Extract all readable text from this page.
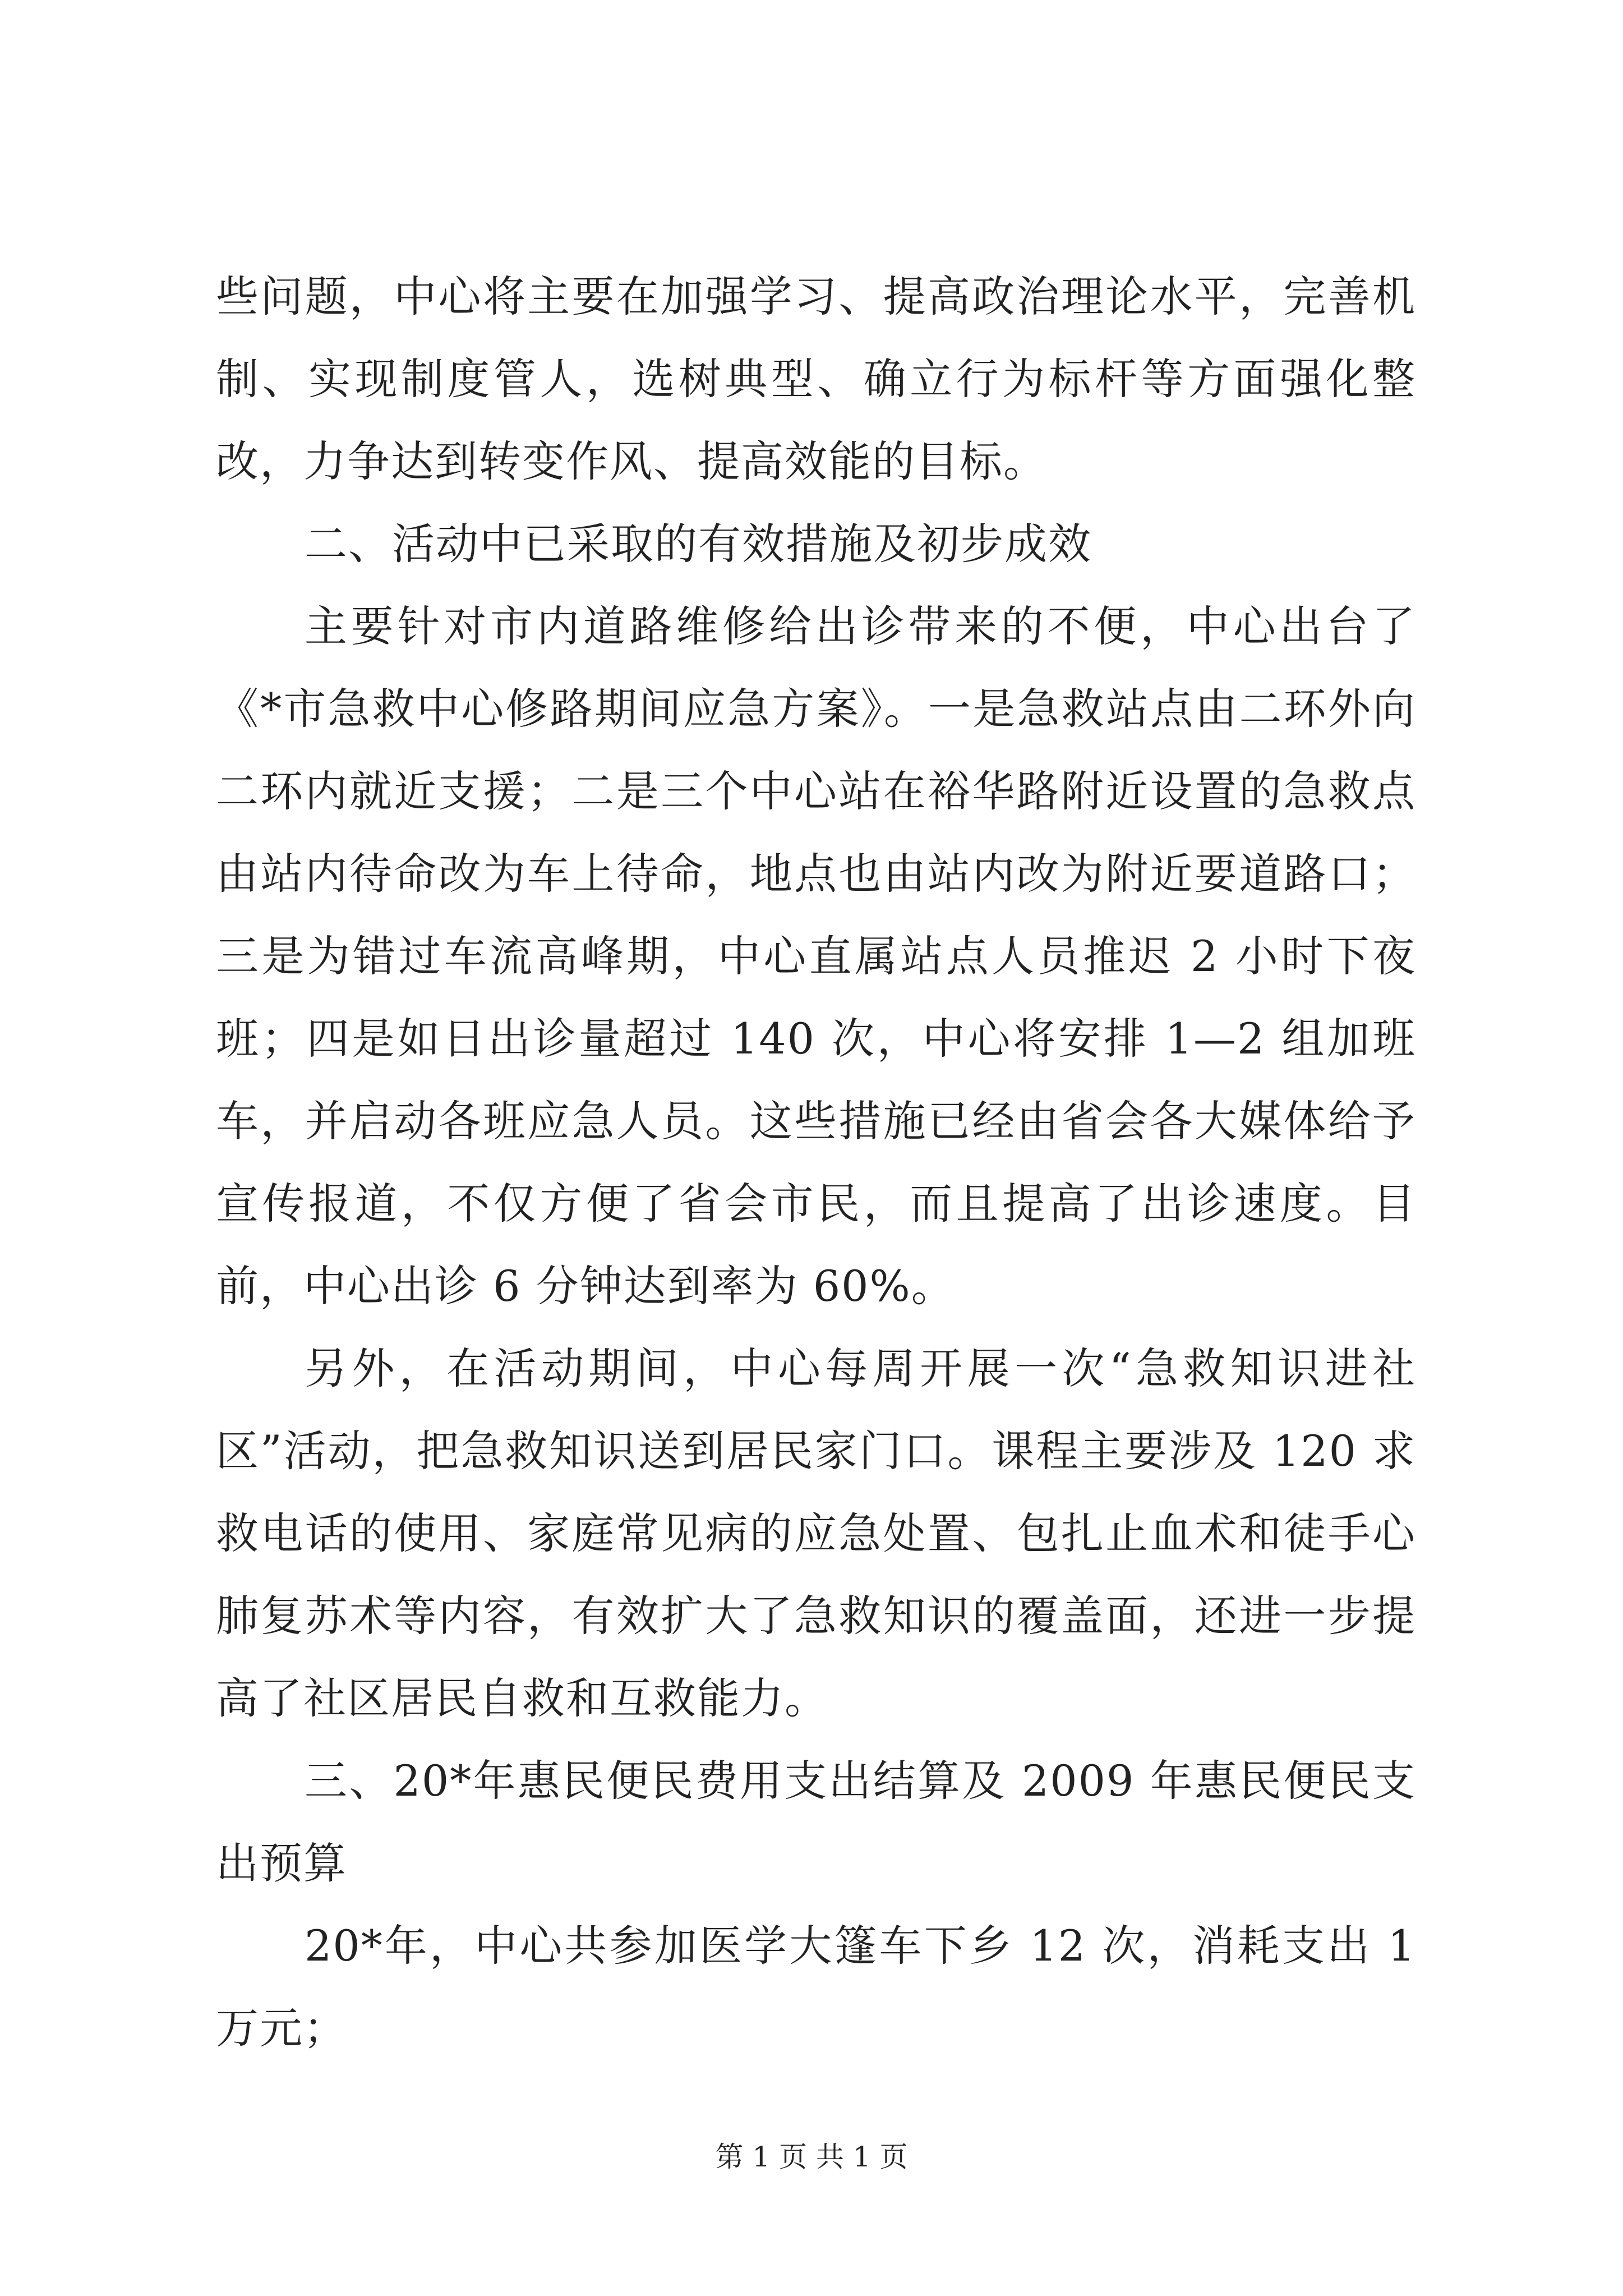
些问题，中心将主要在加强学习、提高政治理论水平，完善机制、实现制度管人，选树典型、确立行为标杆等方面强化整改，力争达到转变作风、提高效能的目标。

二、活动中已采取的有效措施及初步成效

主要针对市内道路维修给出诊带来的不便，中心出台了《*市急救中心修路期间应急方案》。一是急救站点由二环外向二环内就近支援；二是三个中心站在裕华路附近设置的急救点由站内待命改为车上待命，地点也由站内改为附近要道路口；三是为错过车流高峰期，中心直属站点人员推迟 2 小时下夜班；四是如日出诊量超过 140 次，中心将安排 1—2 组加班车，并启动各班应急人员。这些措施已经由省会各大媒体给予宣传报道，不仅方便了省会市民，而且提高了出诊速度。目前，中心出诊 6 分钟达到率为 60%。

另外，在活动期间，中心每周开展一次“急救知识进社区”活动，把急救知识送到居民家门口。课程主要涉及 120 求救电话的使用、家庭常见病的应急处置、包扎止血术和徒手心肺复苏术等内容，有效扩大了急救知识的覆盖面，还进一步提高了社区居民自救和互救能力。

三、20*年惠民便民费用支出结算及 2009 年惠民便民支出预算

20*年，中心共参加医学大篷车下乡 12 次，消耗支出 1 万元；

第 1 页 共 1 页
